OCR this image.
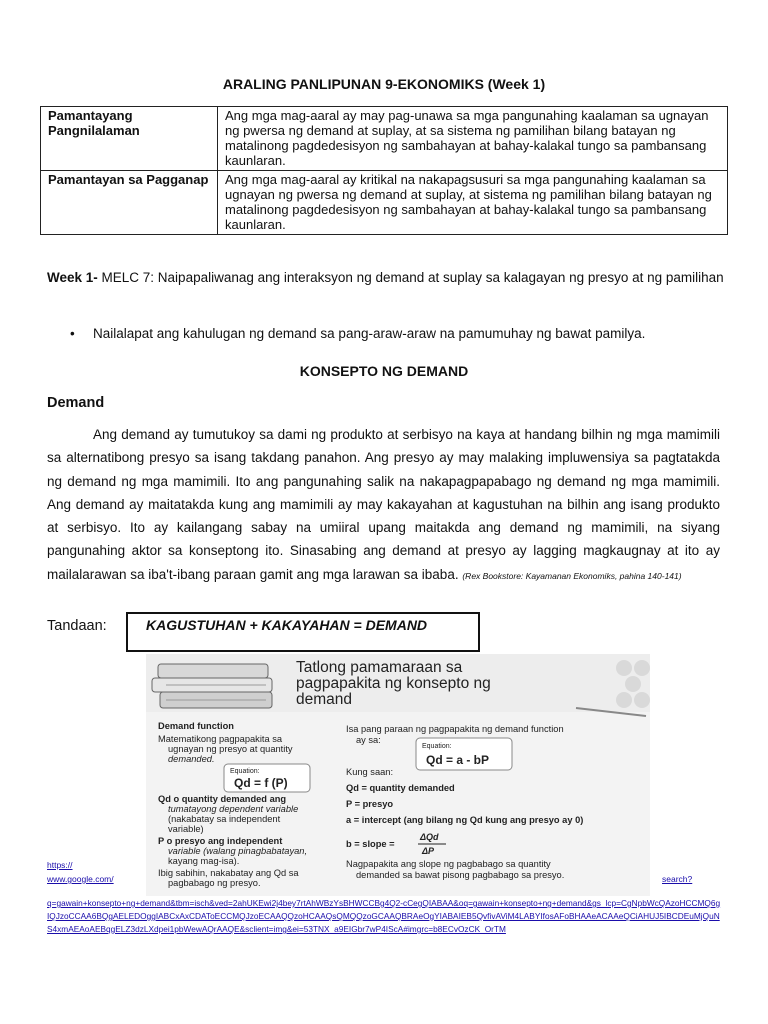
ARALING PANLIPUNAN 9-EKONOMIKS (Week 1)
Pamantayang Pangnilalaman	Ang mga mag-aaral ay may pag-unawa sa mga pangunahing kaalaman sa ugnayan ng pwersa ng demand at suplay, at sa sistema ng pamilihan bilang batayan ng matalinong pagdedesisyon ng sambahayan at bahay-kalakal tungo sa pambansang kaunlaran.
Pamantayan sa Pagganap	Ang mga mag-aaral ay kritikal na nakapagsusuri sa mga pangunahing kaalaman sa ugnayan ng pwersa ng demand at suplay, at sistema ng pamilihan bilang batayan ng matalinong pagdedesisyon ng sambahayan at bahay-kalakal tungo sa pambansang kaunlaran.
Week 1- MELC 7: Naipapaliwanag ang interaksyon ng demand at suplay sa kalagayan ng presyo at ng pamilihan
• Nailalapat ang kahulugan ng demand sa pang-araw-araw na pamumuhay ng bawat pamilya.
KONSEPTO NG DEMAND
Demand
Ang demand ay tumutukoy sa dami ng produkto at serbisyo na kaya at handang bilhin ng mga mamimili sa alternatibong presyo sa isang takdang panahon. Ang presyo ay may malaking impluwensiya sa pagtatakda ng demand ng mga mamimili. Ito ang pangunahing salik na nakapagpapabago ng demand ng mga mamimili. Ang demand ay maitatakda kung ang mamimili ay may kakayahan at kagustuhan na bilhin ang isang produkto at serbisyo. Ito ay kailangang sabay na umiiral upang maitakda ang demand ng mamimili, na siyang pangunahing aktor sa konseptong ito. Sinasabing ang demand at presyo ay lagging magkaugnay at ito ay mailalarawan sa iba't-ibang paraan gamit ang mga larawan sa ibaba. (Rex Bookstore: Kayamanan Ekonomiks, pahina 140-141)
Tandaan:	KAGUSTUHAN + KAKAYAHAN = DEMAND
Tatlong pamamaraan sa
pagpapakita ng konsepto ng
demand
Demand function
Matematikong pagpapakita sa
ugnayan ng presyo at quantity
demanded.
Equation:
Qd = f (P)
Qd o quantity demanded ang
tumatayong dependent variable
(nakabatay sa independent
variable)
P o presyo ang independent
variable (walang pinagbabatayan,
kayang mag-isa).
Ibig sabihin, nakabatay ang Qd sa
pagbabago ng presyo.
Isa pang paraan ng pagpapakita ng demand function
ay sa:
Equation:
Qd = a - bP
Kung saan:
Qd = quantity demanded
P = presyo
a = intercept (ang bilang ng Qd kung ang presyo ay 0)
b = slope =
ΔQd
ΔP
Nagpapakita ang slope ng pagbabago sa quantity
demanded sa bawat pisong pagbabago sa presyo.
https://
www.google.com/	search?
q=gawain+konsepto+ng+demand&tbm=isch&ved=2ahUKEwi2j4bey7rtAhWBzYsBHWCCBg4Q2-cCegQIABAA&oq=gawain+konsepto+ng+demand&gs_lcp=CgNpbWcQAzoHCCMQ6gIQJzoCCAA6BQgAELEDOggIABCxAxCDAToECCMQJzoECAAQQzoHCAAQsQMQQzoGCAAQBRAeOgYIABAIEB5QvfivAViM4LABYIfosAFoBHAAeACAAeQCiAHUJ5IBCDEuMjQuNS4xmAEAoAEBqgELZ3dzLXdpei1pbWewAQrAAQE&sclient=img&ei=53TNX_a9EIGbr7wP4IScA#imgrc=b8ECvOzCK_OrTM
